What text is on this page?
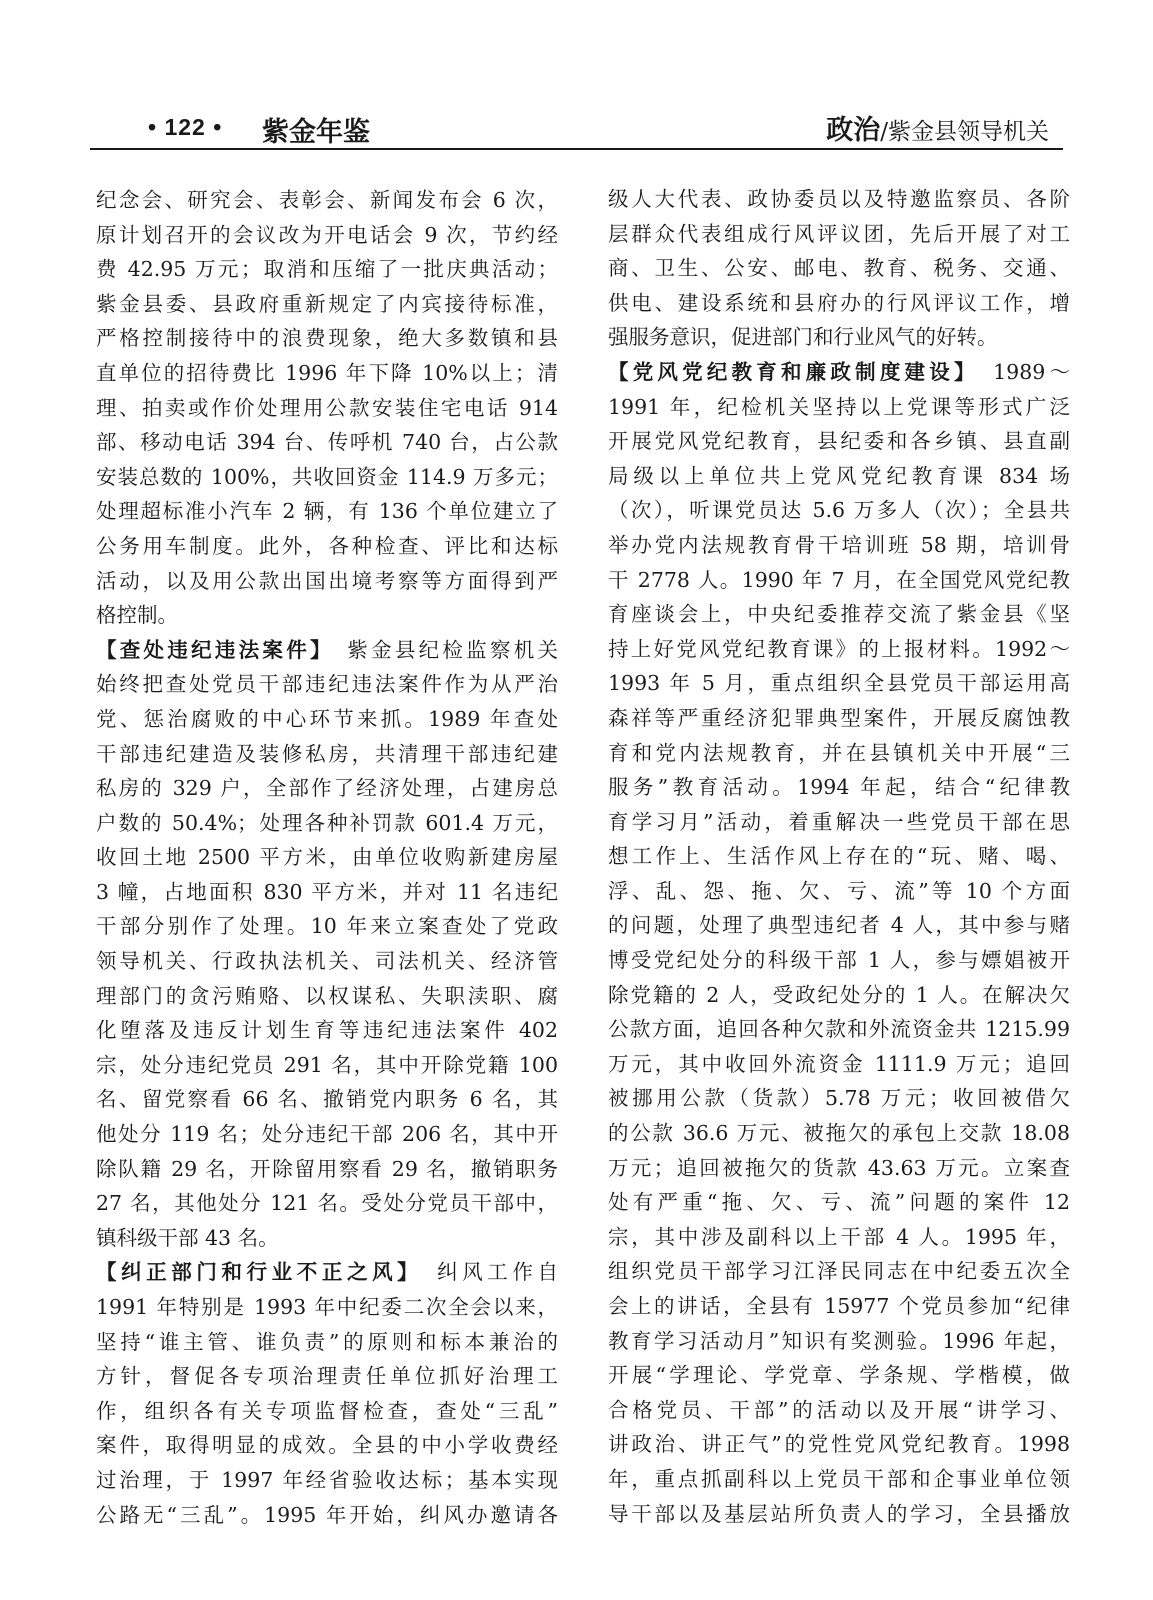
• 122 • 紫金年鉴	政治/紫金县领导机关
纪念会、研究会、表彰会、新闻发布会 6 次，
原计划召开的会议改为开电话会 9 次，节约经
费 42.95 万元；取消和压缩了一批庆典活动；
紫金县委、县政府重新规定了内宾接待标准，
严格控制接待中的浪费现象，绝大多数镇和县
直单位的招待费比 1996 年下降 10%以上；清
理、拍卖或作价处理用公款安装住宅电话 914
部、移动电话 394 台、传呼机 740 台，占公款
安装总数的 100%，共收回资金 114.9 万多元；
处理超标准小汽车 2 辆，有 136 个单位建立了
公务用车制度。此外，各种检查、评比和达标
活动，以及用公款出国出境考察等方面得到严
格控制。
【查处违纪违法案件】　紫金县纪检监察机关
始终把查处党员干部违纪违法案件作为从严治
党、惩治腐败的中心环节来抓。1989 年查处
干部违纪建造及装修私房，共清理干部违纪建
私房的 329 户，全部作了经济处理，占建房总
户数的 50.4%；处理各种补罚款 601.4 万元，
收回土地 2500 平方米，由单位收购新建房屋
3 幢，占地面积 830 平方米，并对 11 名违纪
干部分别作了处理。10 年来立案查处了党政
领导机关、行政执法机关、司法机关、经济管
理部门的贪污贿赂、以权谋私、失职渎职、腐
化堕落及违反计划生育等违纪违法案件 402
宗，处分违纪党员 291 名，其中开除党籍 100
名、留党察看 66 名、撤销党内职务 6 名，其
他处分 119 名；处分违纪干部 206 名，其中开
除队籍 29 名，开除留用察看 29 名，撤销职务
27 名，其他处分 121 名。受处分党员干部中，
镇科级干部 43 名。
【纠正部门和行业不正之风】　纠风工作自
1991 年特别是 1993 年中纪委二次全会以来，
坚持“谁主管、谁负责”的原则和标本兼治的
方针，督促各专项治理责任单位抓好治理工
作，组织各有关专项监督检查，查处“三乱”
案件，取得明显的成效。全县的中小学收费经
过治理，于 1997 年经省验收达标；基本实现
公路无“三乱”。1995 年开始，纠风办邀请各
级人大代表、政协委员以及特邀监察员、各阶
层群众代表组成行风评议团，先后开展了对工
商、卫生、公安、邮电、教育、税务、交通、
供电、建设系统和县府办的行风评议工作，增
强服务意识，促进部门和行业风气的好转。
【党风党纪教育和廉政制度建设】　1989～
1991 年，纪检机关坚持以上党课等形式广泛
开展党风党纪教育，县纪委和各乡镇、县直副
局级以上单位共上党风党纪教育课 834 场
（次），听课党员达 5.6 万多人（次）；全县共
举办党内法规教育骨干培训班 58 期，培训骨
干 2778 人。1990 年 7 月，在全国党风党纪教
育座谈会上，中央纪委推荐交流了紫金县《坚
持上好党风党纪教育课》的上报材料。1992～
1993 年 5 月，重点组织全县党员干部运用高
森祥等严重经济犯罪典型案件，开展反腐蚀教
育和党内法规教育，并在县镇机关中开展“三
服务”教育活动。1994 年起，结合“纪律教
育学习月”活动，着重解决一些党员干部在思
想工作上、生活作风上存在的“玩、赌、喝、
浮、乱、怨、拖、欠、亏、流”等 10 个方面
的问题，处理了典型违纪者 4 人，其中参与赌
博受党纪处分的科级干部 1 人，参与嫖娼被开
除党籍的 2 人，受政纪处分的 1 人。在解决欠
公款方面，追回各种欠款和外流资金共 1215.99
万元，其中收回外流资金 1111.9 万元；追回
被挪用公款（货款）5.78 万元；收回被借欠
的公款 36.6 万元、被拖欠的承包上交款 18.08
万元；追回被拖欠的货款 43.63 万元。立案查
处有严重“拖、欠、亏、流”问题的案件 12
宗，其中涉及副科以上干部 4 人。1995 年，
组织党员干部学习江泽民同志在中纪委五次全
会上的讲话，全县有 15977 个党员参加“纪律
教育学习活动月”知识有奖测验。1996 年起，
开展“学理论、学党章、学条规、学楷模，做
合格党员、干部”的活动以及开展“讲学习、
讲政治、讲正气”的党性党风党纪教育。1998
年，重点抓副科以上党员干部和企事业单位领
导干部以及基层站所负责人的学习，全县播放
